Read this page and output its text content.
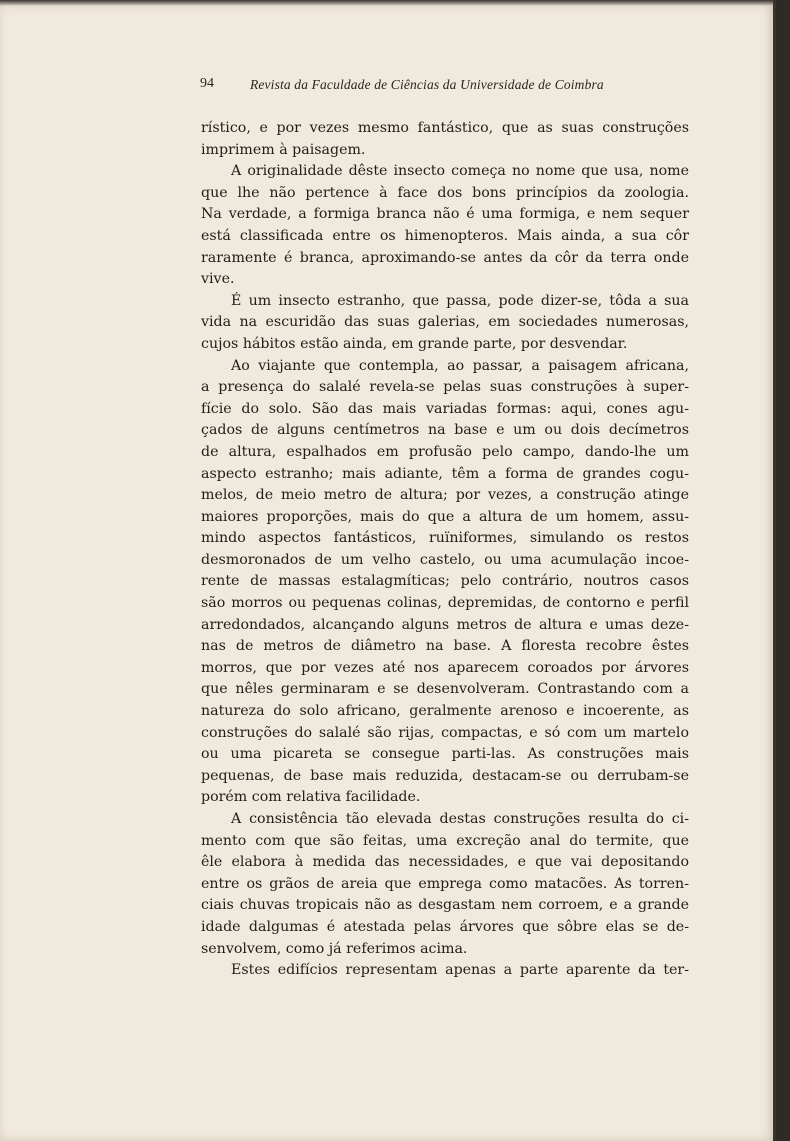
94	Revista da Faculdade de Ciências da Universidade de Coimbra
rístico, e por vezes mesmo fantástico, que as suas construções
imprimem à paisagem.
A originalidade dêste insecto começa no nome que usa, nome
que lhe não pertence à face dos bons princípios da zoologia.
Na verdade, a formiga branca não é uma formiga, e nem sequer
está classificada entre os himenopteros. Mais ainda, a sua côr
raramente é branca, aproximando-se antes da côr da terra onde
vive.
É um insecto estranho, que passa, pode dizer-se, tôda a sua
vida na escuridão das suas galerias, em sociedades numerosas,
cujos hábitos estão ainda, em grande parte, por desvendar.
Ao viajante que contempla, ao passar, a paisagem africana,
a presença do salalé revela-se pelas suas construções à super-
fície do solo. São das mais variadas formas: aqui, cones agu-
çados de alguns centímetros na base e um ou dois decímetros
de altura, espalhados em profusão pelo campo, dando-lhe um
aspecto estranho; mais adiante, têm a forma de grandes cogu-
melos, de meio metro de altura; por vezes, a construção atinge
maiores proporções, mais do que a altura de um homem, assu-
mindo aspectos fantásticos, ruïniformes, simulando os restos
desmoronados de um velho castelo, ou uma acumulação incoe-
rente de massas estalagmíticas; pelo contrário, noutros casos
são morros ou pequenas colinas, depremidas, de contorno e perfil
arredondados, alcançando alguns metros de altura e umas deze-
nas de metros de diâmetro na base. A floresta recobre êstes
morros, que por vezes até nos aparecem coroados por árvores
que nêles germinaram e se desenvolveram. Contrastando com a
natureza do solo africano, geralmente arenoso e incoerente, as
construções do salalé são rijas, compactas, e só com um martelo
ou uma picareta se consegue parti-las. As construções mais
pequenas, de base mais reduzida, destacam-se ou derrubam-se
porém com relativa facilidade.
A consistência tão elevada destas construções resulta do ci-
mento com que são feitas, uma excreção anal do termite, que
êle elabora à medida das necessidades, e que vai depositando
entre os grãos de areia que emprega como matacões. As torren-
ciais chuvas tropicais não as desgastam nem corroem, e a grande
idade dalgumas é atestada pelas árvores que sôbre elas se de-
senvolvem, como já referimos acima.
Estes edifícios representam apenas a parte aparente da ter-
